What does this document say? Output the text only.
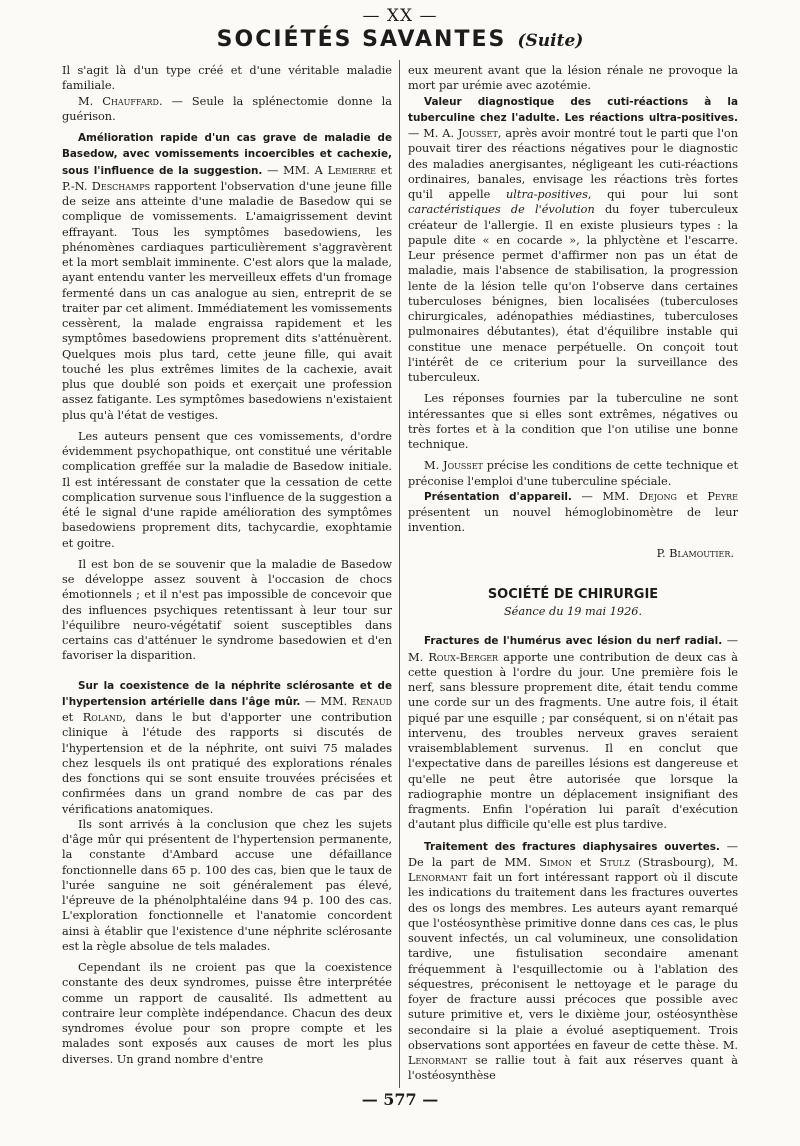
— XX —
SOCIÉTÉS SAVANTES (Suite)

Il s'agit là d'un type créé et d'une véritable maladie familiale.

M. Chauffard. — Seule la splénectomie donne la guérison.

Amélioration rapide d'un cas grave de maladie de Basedow, avec vomissements incoercibles et cachexie, sous l'influence de la suggestion. — MM. A Lemierre et P.-N. Deschamps rapportent l'observation d'une jeune fille de seize ans atteinte d'une maladie de Basedow qui se complique de vomissements. L'amaigrissement devint effrayant. Tous les symptômes basedowiens, les phénomènes cardiaques particulièrement s'aggravèrent et la mort semblait imminente. C'est alors que la malade, ayant entendu vanter les merveilleux effets d'un fromage fermenté dans un cas analogue au sien, entreprit de se traiter par cet aliment. Immédiatement les vomissements cessèrent, la malade engraissa rapidement et les symptômes basedowiens proprement dits s'atténuèrent. Quelques mois plus tard, cette jeune fille, qui avait touché les plus extrêmes limites de la cachexie, avait plus que doublé son poids et exerçait une profession assez fatigante. Les symptômes basedowiens n'existaient plus qu'à l'état de vestiges.

Les auteurs pensent que ces vomissements, d'ordre évidemment psychopathique, ont constitué une véritable complication greffée sur la maladie de Basedow initiale. Il est intéressant de constater que la cessation de cette complication survenue sous l'influence de la suggestion a été le signal d'une rapide amélioration des symptômes basedowiens proprement dits, tachycardie, exophtamie et goitre.

Il est bon de se souvenir que la maladie de Basedow se développe assez souvent à l'occasion de chocs émotionnels ; et il n'est pas impossible de concevoir que des influences psychiques retentissant à leur tour sur l'équilibre neuro-végétatif soient susceptibles dans certains cas d'atténuer le syndrome basedowien et d'en favoriser la disparition.

Sur la coexistence de la néphrite sclérosante et de l'hypertension artérielle dans l'âge mûr. — MM. Renaud et Roland, dans le but d'apporter une contribution clinique à l'étude des rapports si discutés de l'hypertension et de la néphrite, ont suivi 75 malades chez lesquels ils ont pratiqué des explorations rénales des fonctions qui se sont ensuite trouvées précisées et confirmées dans un grand nombre de cas par des vérifications anatomiques.

Ils sont arrivés à la conclusion que chez les sujets d'âge mûr qui présentent de l'hypertension permanente, la constante d'Ambard accuse une défaillance fonctionnelle dans 65 p. 100 des cas, bien que le taux de l'urée sanguine ne soit généralement pas élevé, l'épreuve de la phénolphtaléine dans 94 p. 100 des cas. L'exploration fonctionnelle et l'anatomie concordent ainsi à établir que l'existence d'une néphrite sclérosante est la règle absolue de tels malades.

Cependant ils ne croient pas que la coexistence constante des deux syndromes, puisse être interprétée comme un rapport de causalité. Ils admettent au contraire leur complète indépendance. Chacun des deux syndromes évolue pour son propre compte et les malades sont exposés aux causes de mort les plus diverses. Un grand nombre d'entre

eux meurent avant que la lésion rénale ne provoque la mort par urémie avec azotémie.

Valeur diagnostique des cuti-réactions à la tuberculine chez l'adulte. Les réactions ultra-positives. — M. A. Jousset, après avoir montré tout le parti que l'on pouvait tirer des réactions négatives pour le diagnostic des maladies anergisantes, négligeant les cuti-réactions ordinaires, banales, envisage les réactions très fortes qu'il appelle ultra-positives, qui pour lui sont caractéristiques de l'évolution du foyer tuberculeux créateur de l'allergie. Il en existe plusieurs types : la papule dite « en cocarde », la phlyctène et l'escarre. Leur présence permet d'affirmer non pas un état de maladie, mais l'absence de stabilisation, la progression lente de la lésion telle qu'on l'observe dans certaines tuberculoses bénignes, bien localisées (tuberculoses chirurgicales, adénopathies médiastines, tuberculoses pulmonaires débutantes), état d'équilibre instable qui constitue une menace perpétuelle. On conçoit tout l'intérêt de ce criterium pour la surveillance des tuberculeux.

Les réponses fournies par la tuberculine ne sont intéressantes que si elles sont extrêmes, négatives ou très fortes et à la condition que l'on utilise une bonne technique.

M. Jousset précise les conditions de cette technique et préconise l'emploi d'une tuberculine spéciale.

Présentation d'appareil. — MM. Dejong et Peyre présentent un nouvel hémoglobinomètre de leur invention.

P. Blamoutier.
SOCIÉTÉ DE CHIRURGIE
Séance du 19 mai 1926.

Fractures de l'humérus avec lésion du nerf radial. — M. Roux-Berger apporte une contribution de deux cas à cette question à l'ordre du jour. Une première fois le nerf, sans blessure proprement dite, était tendu comme une corde sur un des fragments. Une autre fois, il était piqué par une esquille ; par conséquent, si on n'était pas intervenu, des troubles nerveux graves seraient vraisemblablement survenus. Il en conclut que l'expectative dans de pareilles lésions est dangereuse et qu'elle ne peut être autorisée que lorsque la radiographie montre un déplacement insignifiant des fragments. Enfin l'opération lui paraît d'exécution d'autant plus difficile qu'elle est plus tardive.

Traitement des fractures diaphysaires ouvertes. — De la part de MM. Simon et Stulz (Strasbourg), M. Lenormant fait un fort intéressant rapport où il discute les indications du traitement dans les fractures ouvertes des os longs des membres. Les auteurs ayant remarqué que l'ostéosynthèse primitive donne dans ces cas, le plus souvent infectés, un cal volumineux, une consolidation tardive, une fistulisation secondaire amenant fréquemment à l'esquillectomie ou à l'ablation des séquestres, préconisent le nettoyage et le parage du foyer de fracture aussi précoces que possible avec suture primitive et, vers le dixième jour, ostéosynthèse secondaire si la plaie a évolué aseptiquement. Trois observations sont apportées en faveur de cette thèse. M. Lenormant se rallie tout à fait aux réserves quant à l'ostéosynthèse

— 577 —
